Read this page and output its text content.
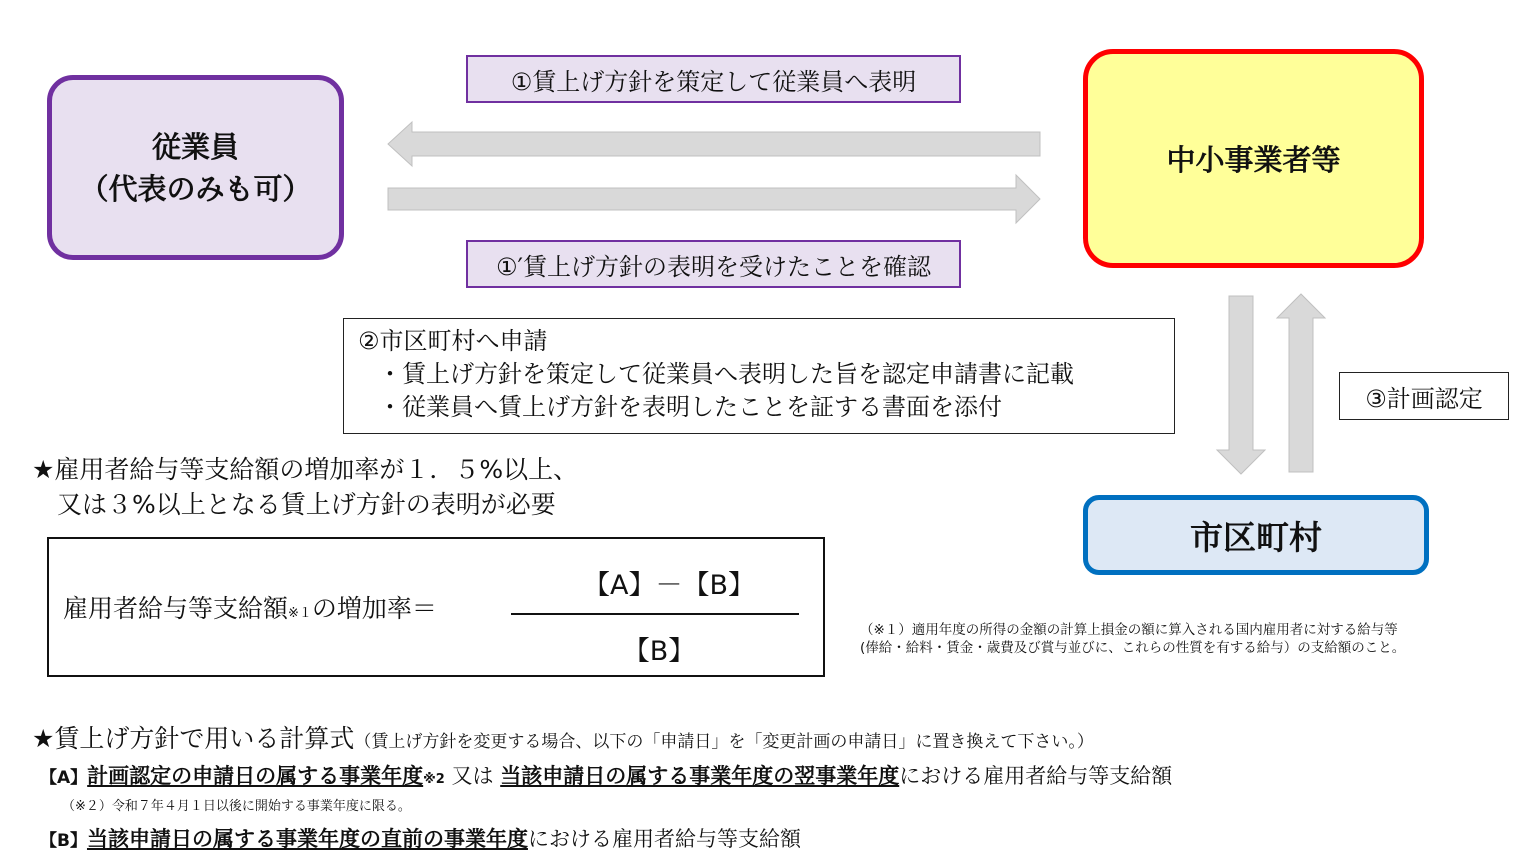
従業員
（代表のみも可）
中小事業者等
市区町村
①賃上げ方針を策定して従業員へ表明
①′賃上げ方針の表明を受けたことを確認
②市区町村へ申請
・賃上げ方針を策定して従業員へ表明した旨を認定申請書に記載
・従業員へ賃上げ方針を表明したことを証する書面を添付	③計画認定
★雇用者給与等支給額の増加率が１．５%以上、
又は３%以上となる賃上げ方針の表明が必要
雇用者給与等支給額※１の増加率＝
【A】－【B】
【B】
（※１）適用年度の所得の金額の計算上損金の額に算入される国内雇用者に対する給与等
(俸給・給料・賃金・歳費及び賞与並びに、これらの性質を有する給与）の支給額のこと。
★賃上げ方針で用いる計算式（賃上げ方針を変更する場合、以下の「申請日」を「変更計画の申請日」に置き換えて下さい。）
【A】計画認定の申請日の属する事業年度※2 又は 当該申請日の属する事業年度の翌事業年度における雇用者給与等支給額
（※２）令和７年４月１日以後に開始する事業年度に限る。
【B】当該申請日の属する事業年度の直前の事業年度における雇用者給与等支給額
